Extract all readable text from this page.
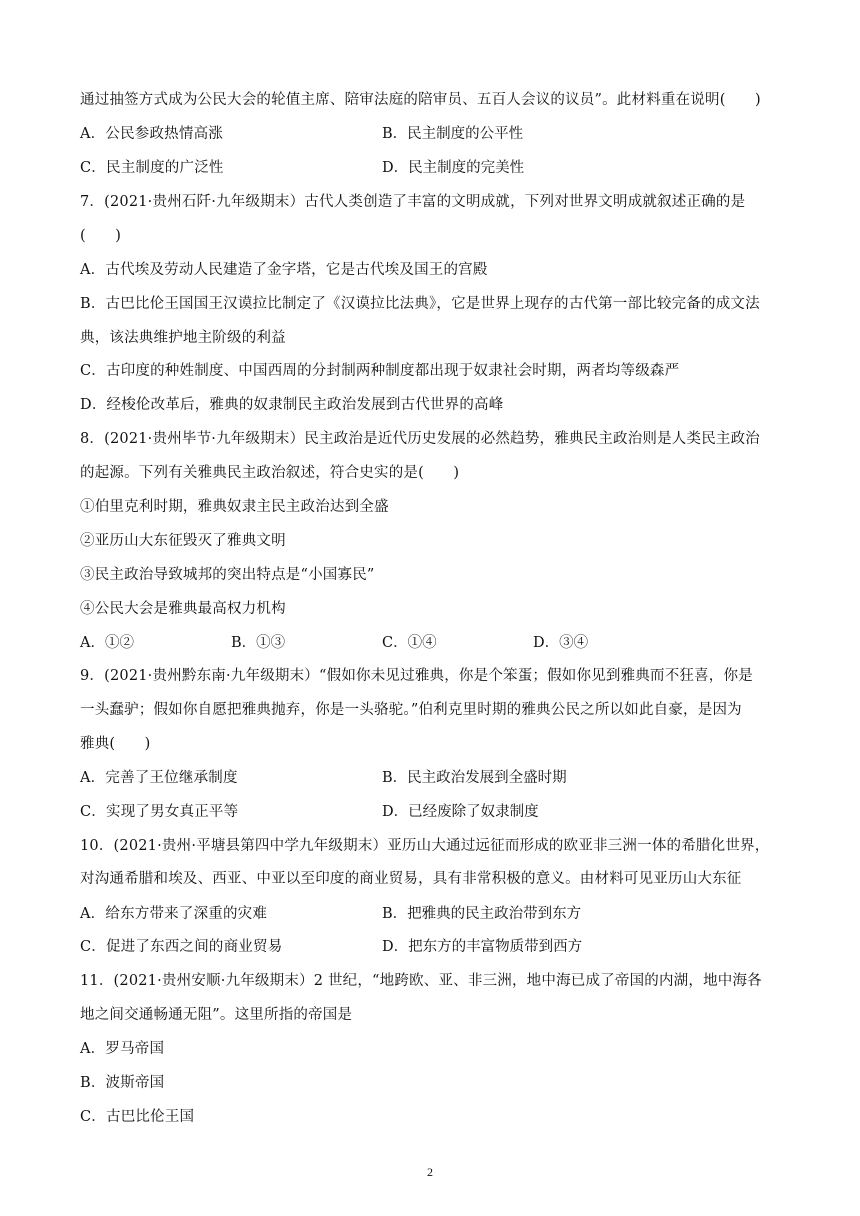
通过抽签方式成为公民大会的轮值主席、陪审法庭的陪审员、五百人会议的议员”。此材料重在说明(　　)
A．公民参政热情高涨	B．民主制度的公平性
C．民主制度的广泛性	D．民主制度的完美性
7．(2021·贵州石阡·九年级期末）古代人类创造了丰富的文明成就，下列对世界文明成就叙述正确的是
(　　)
A．古代埃及劳动人民建造了金字塔，它是古代埃及国王的宫殿
B．古巴比伦王国国王汉谟拉比制定了《汉谟拉比法典》，它是世界上现存的古代第一部比较完备的成文法
典，该法典维护地主阶级的利益
C．古印度的种姓制度、中国西周的分封制两种制度都出现于奴隶社会时期，两者均等级森严
D．经梭伦改革后，雅典的奴隶制民主政治发展到古代世界的高峰
8．(2021·贵州毕节·九年级期末）民主政治是近代历史发展的必然趋势，雅典民主政治则是人类民主政治
的起源。下列有关雅典民主政治叙述，符合史实的是(　　)
①伯里克利时期，雅典奴隶主民主政治达到全盛
②亚历山大东征毁灭了雅典文明
③民主政治导致城邦的突出特点是“小国寡民”
④公民大会是雅典最高权力机构
A．①②	B．①③	C．①④	D．③④
9．(2021·贵州黔东南·九年级期末）“假如你未见过雅典，你是个笨蛋；假如你见到雅典而不狂喜，你是
一头蠢驴；假如你自愿把雅典抛弃，你是一头骆驼。”伯利克里时期的雅典公民之所以如此自豪，是因为
雅典(　　)
A．完善了王位继承制度	B．民主政治发展到全盛时期
C．实现了男女真正平等	D．已经废除了奴隶制度
10．(2021·贵州·平塘县第四中学九年级期末）亚历山大通过远征而形成的欧亚非三洲一体的希腊化世界，
对沟通希腊和埃及、西亚、中亚以至印度的商业贸易，具有非常积极的意义。由材料可见亚历山大东征
A．给东方带来了深重的灾难	B．把雅典的民主政治带到东方
C．促进了东西之间的商业贸易	D．把东方的丰富物质带到西方
11．(2021·贵州安顺·九年级期末）2 世纪，“地跨欧、亚、非三洲，地中海已成了帝国的内湖，地中海各
地之间交通畅通无阻”。这里所指的帝国是
A．罗马帝国
B．波斯帝国
C．古巴比伦王国
2
